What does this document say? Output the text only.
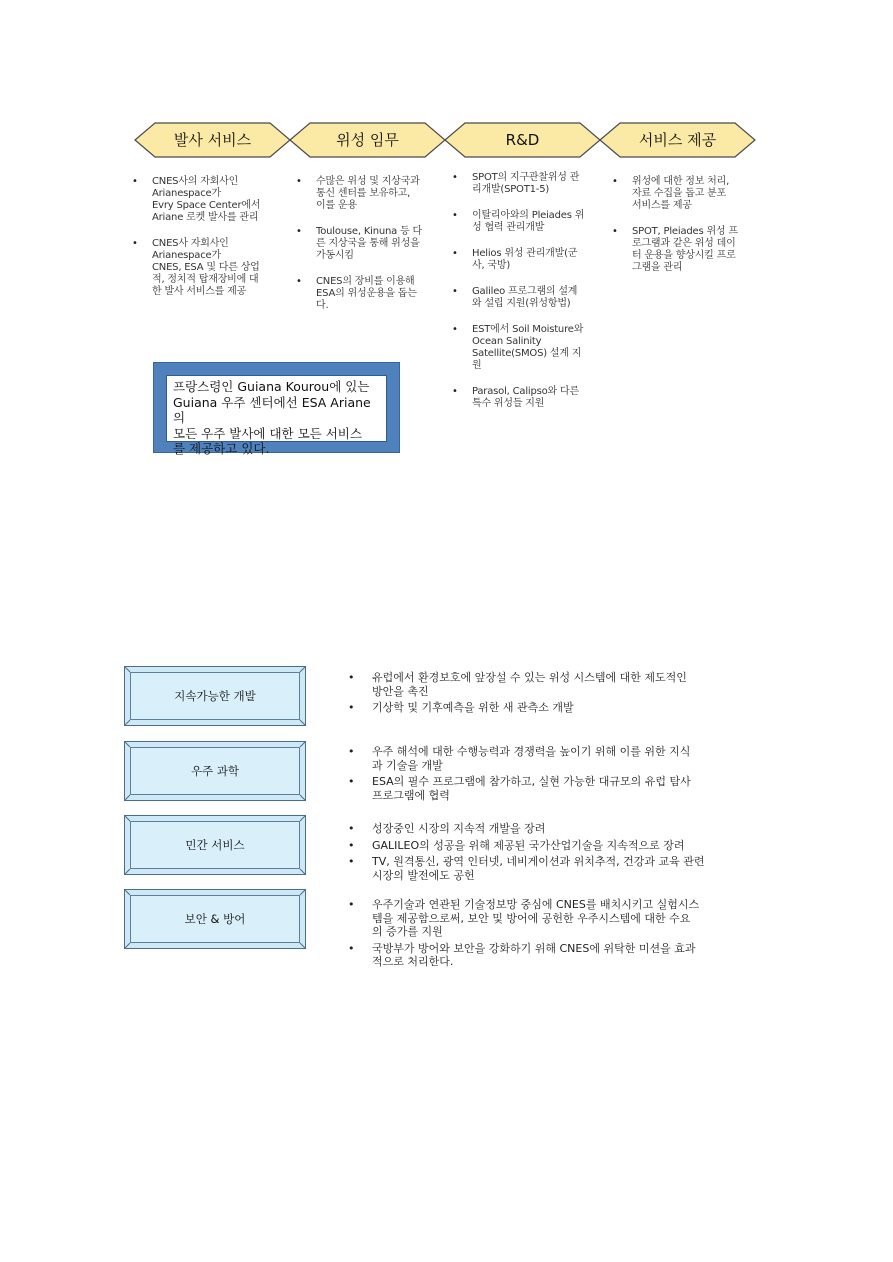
발사 서비스	위성 임무	R&D	서비스 제공
• CNES사의 자회사인
Arianespace가
Evry Space Center에서
Ariane 로켓 발사를 관리
• CNES사 자회사인
Arianespace가
CNES, ESA 및 다른 상업
적, 정치적 탑재장비에 대
한 발사 서비스를 제공
• 수많은 위성 및 지상국과
통신 센터를 보유하고,
이를 운용
• Toulouse, Kinuna 등 다
른 지상국을 통해 위성을
가동시킴
• CNES의 장비를 이용해
ESA의 위성운용을 돕는
다.
• SPOT의 지구관찰위성 관
리개발(SPOT1-5)
• 이탈리아와의 Pleiades 위
성 협력 관리개발
• Helios 위성 관리개발(군
사, 국방)
• Galileo 프로그램의 설계
와 설립 지원(위성항법)
• EST에서 Soil Moisture와
Ocean Salinity
Satellite(SMOS) 설계 지
원
• Parasol, Calipso와 다른
특수 위성들 지원
• 위성에 대한 정보 처리,
자료 수집을 돕고 분포
서비스를 제공
• SPOT, Pleiades 위성 프
로그램과 같은 위성 데이
터 운용을 향상시킬 프로
그램을 관리
프랑스령인 Guiana Kourou에 있는
Guiana 우주 센터에선 ESA Ariane의
모든 우주 발사에 대한 모든 서비스
를 제공하고 있다.
지속가능한 개발
• 유럽에서 환경보호에 앞장설 수 있는 위성 시스템에 대한 제도적인
방안을 촉진
• 기상학 및 기후예측을 위한 새 관측소 개발
우주 과학
• 우주 해석에 대한 수행능력과 경쟁력을 높이기 위해 이를 위한 지식
과 기술을 개발
• ESA의 필수 프로그램에 참가하고, 실현 가능한 대규모의 유럽 탐사
프로그램에 협력
민간 서비스
• 성장중인 시장의 지속적 개발을 장려
• GALILEO의 성공을 위해 제공된 국가산업기술을 지속적으로 장려
• TV, 원격통신, 광역 인터넷, 네비게이션과 위치추적, 건강과 교육 관련
시장의 발전에도 공헌
보안 & 방어
• 우주기술과 연관된 기술정보망 중심에 CNES를 배치시키고 실험시스
템을 제공함으로써, 보안 및 방어에 공헌한 우주시스템에 대한 수요
의 증가를 지원
• 국방부가 방어와 보안을 강화하기 위해 CNES에 위탁한 미션을 효과
적으로 처리한다.
